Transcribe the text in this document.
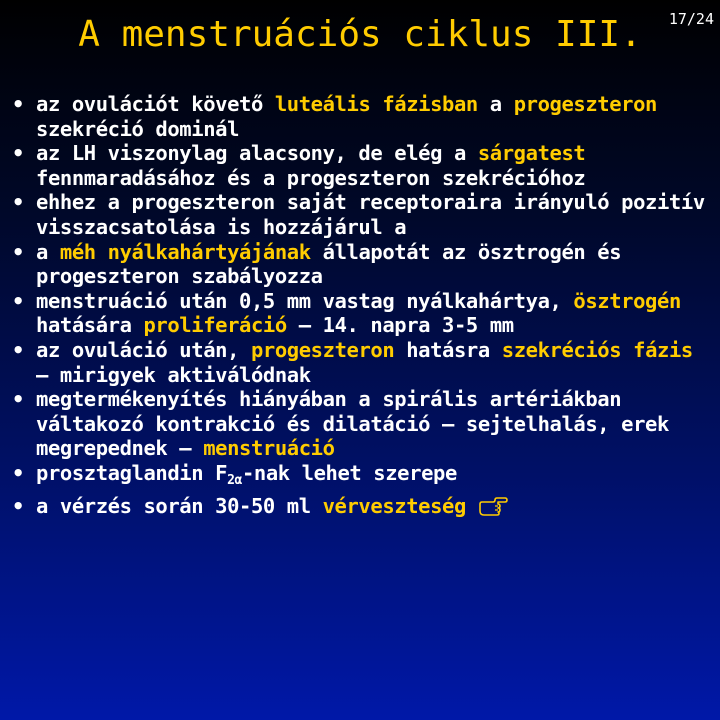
A menstruációs ciklus III.	17/24
• az ovulációt követő luteális fázisban a progeszteron szekréció dominál
• az LH viszonylag alacsony, de elég a sárgatest fennmaradásához és a progeszteron szekrécióhoz
• ehhez a progeszteron saját receptoraira irányuló pozitív visszacsatolása is hozzájárul a
• a méh nyálkahártyájának állapotát az ösztrogén és progeszteron szabályozza
• menstruáció után 0,5 mm vastag nyálkahártya, ösztrogén hatására proliferáció – 14. napra 3-5 mm
• az ovuláció után, progeszteron hatásra szekréciós fázis – mirigyek aktiválódnak
• megtermékenyítés hiányában a spirális artériákban váltakozó kontrakció és dilatáció – sejtelhalás, erek megrepednek – menstruáció
• prosztaglandin $F_{2\alpha}$-nak lehet szerepe
• a vérzés során 30-50 ml vérveszteség
